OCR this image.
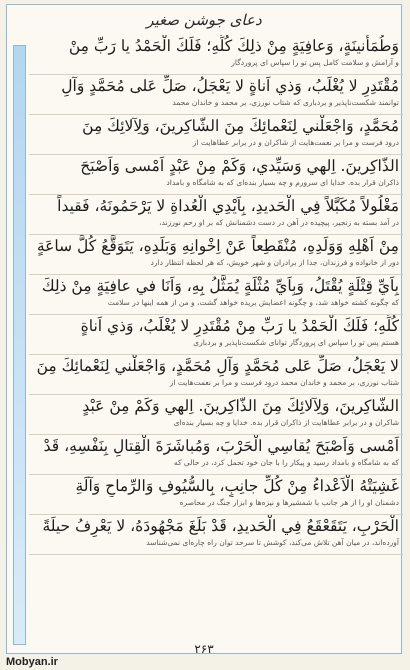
دعای جوشن صغیر
وَطُمَأْنينَةٍ، وَعافِيَةٍ مِنْ ذلِكَ كُلِّهِ؛ فَلَكَ الْحَمْدُ يا رَبِّ مِنْ
و آرامش و سلامت کامل پس تو را سپاس ای پروردگار
مُقْتَدِرٍ لا يُغْلَبُ، وَذي اَناةٍ لا يَعْجَلُ، صَلِّ عَلى مُحَمَّدٍ وَآلِ
توانمند شکست‌ناپذیر و بردباری که شتاب نورزی، بر محمد و خاندان محمد
مُحَمَّدٍ، وَاجْعَلْني لِنَعْمائِكَ مِنَ الشّاكِرينَ، وَلِآلائِكَ مِنَ
درود فرست و مرا بر نعمت‌هایت از شاکران و در برابر عطاهایت از
الذّاكِرينَ. اِلهي وَسَيِّدي، وَكَمْ مِنْ عَبْدٍ اَمْسى وَاَصْبَحَ
ذاکران قرار بده. خدایا ای سرورم و چه بسیار بنده‌ای که به شامگاه و بامداد
مَغْلُولاً مُكَبَّلاً فِي الْحَديدِ، بِاَيْدِي الْعُداةِ لا يَرْحَمُونَهُ، فَقيداً
در آمد بسته به زنجیر، پیچیده در آهن در دست دشمنانش که بر او رحم نورزند،
مِنْ اَهْلِهِ وَوَلَدِهِ، مُنْقَطِعاً عَنْ اِخْوانِهِ وَبَلَدِهِ، يَتَوَقَّعُ كُلَّ ساعَةٍ
دور از خانواده و فرزندان، جدا از برادران و شهر خویش، که هر لحظه انتظار دارد
بِاَيِّ قِتْلَةٍ يُقْتَلُ، وَبِاَيِّ مُثْلَةٍ يُمَثَّلُ بِهِ، وَاَنَا في عافِيَةٍ مِنْ ذلِكَ
که چگونه کشته خواهد شد، و چگونه اعضایش بریده خواهد گشت، و من از همه اینها در سلامت
كُلِّهِ؛ فَلَكَ الْحَمْدُ يا رَبِّ مِنْ مُقْتَدِرٍ لا يُغْلَبُ، وَذي اَناةٍ
هستم پس تو را سپاس ای پروردگار توانای شکست‌ناپذیر و بردباری
لا يَعْجَلُ، صَلِّ عَلى مُحَمَّدٍ وَآلِ مُحَمَّدٍ، وَاجْعَلْني لِنَعْمائِكَ مِنَ
شتاب نورزی، بر محمد و خاندان محمد درود فرست و مرا بر نعمت‌هایت از
الشّاكِرينَ، وَلِآلائِكَ مِنَ الذّاكِرينَ. اِلهي وَكَمْ مِنْ عَبْدٍ
شاکران و در برابر عطاهایت از ذاکران قرار بده. خدایا و چه بسیار بنده‌ای
اَمْسى وَاَصْبَحَ يُقاسِي الْحَرْبَ، وَمُباشَرَةَ الْقِتالِ بِنَفْسِهِ، قَدْ
که به شامگاه و بامداد رسید و پیکار را با جان خود تحمل کرد، در حالی که
غَشِيَتْهُ الْاَعْداءُ مِنْ كُلِّ جانِبٍ، بِالسُّيُوفِ وَالرِّماحِ وَآلَةِ
دشمنان او را از هر جانب با شمشیرها و نیزه‌ها و ابزار جنگ در محاصره
الْحَرْبِ، يَتَقَعْقَعُ فِي الْحَديدِ، قَدْ بَلَغَ مَجْهُودَهُ، لا يَعْرِفُ حيلَةً
آورده‌اند، در میان آهن تلاش می‌کند، کوشش تا سرحد توان راه چاره‌ای نمی‌شناسد
۲۶۳
Mobyan.ir
